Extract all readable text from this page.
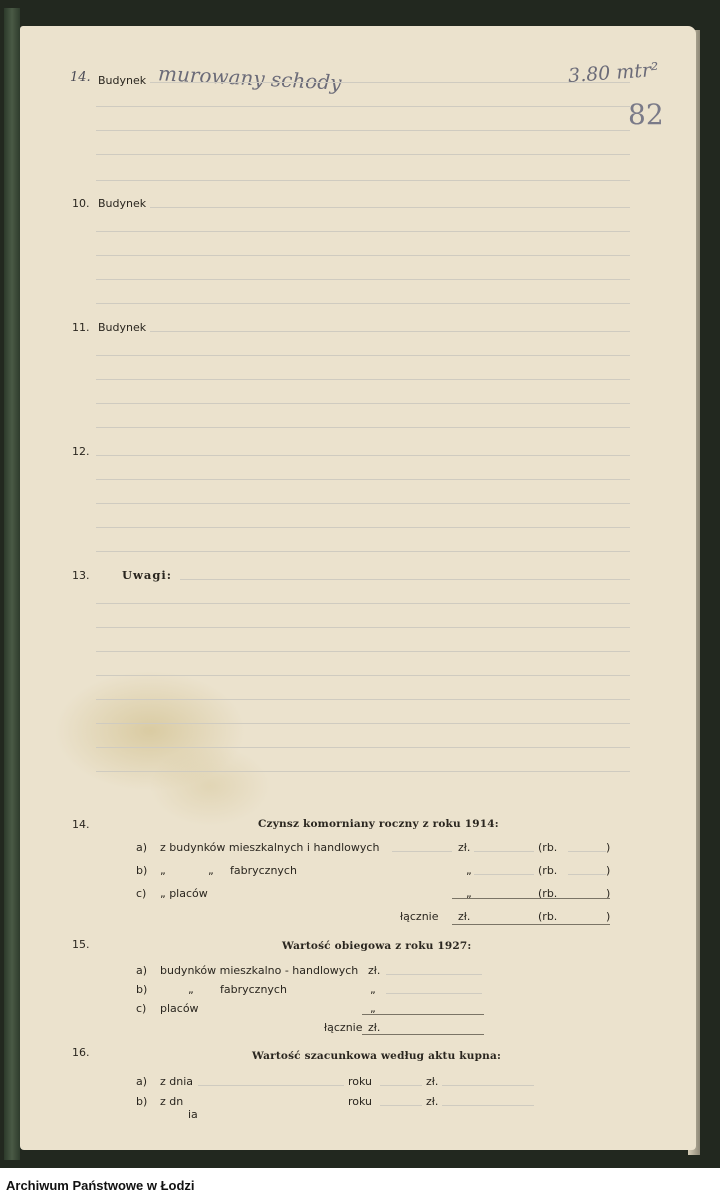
14. Budynek murowany schody	3.80 mtr²
82
10. Budynek
11. Budynek
12.
13.	Uwagi:
14.	Czynsz komorniany roczny z roku 1914:
a) z budynków mieszkalnych i handlowych	zł.	(rb.	)
b) „	„ fabrycznych	„	(rb.	)
c) „ placów	„	(rb.	)
łącznie zł.	(rb.	)
15.	Wartość obiegowa z roku 1927:
a) budynków mieszkalno - handlowych zł.
b)	„ fabrycznych	„
c) placów	„
łącznie zł.
16.	Wartość szacunkowa według aktu kupna:
a) z dnia	roku	zł.
b) z dn	roku	zł.
ia
Archiwum Państwowe w Łodzi
